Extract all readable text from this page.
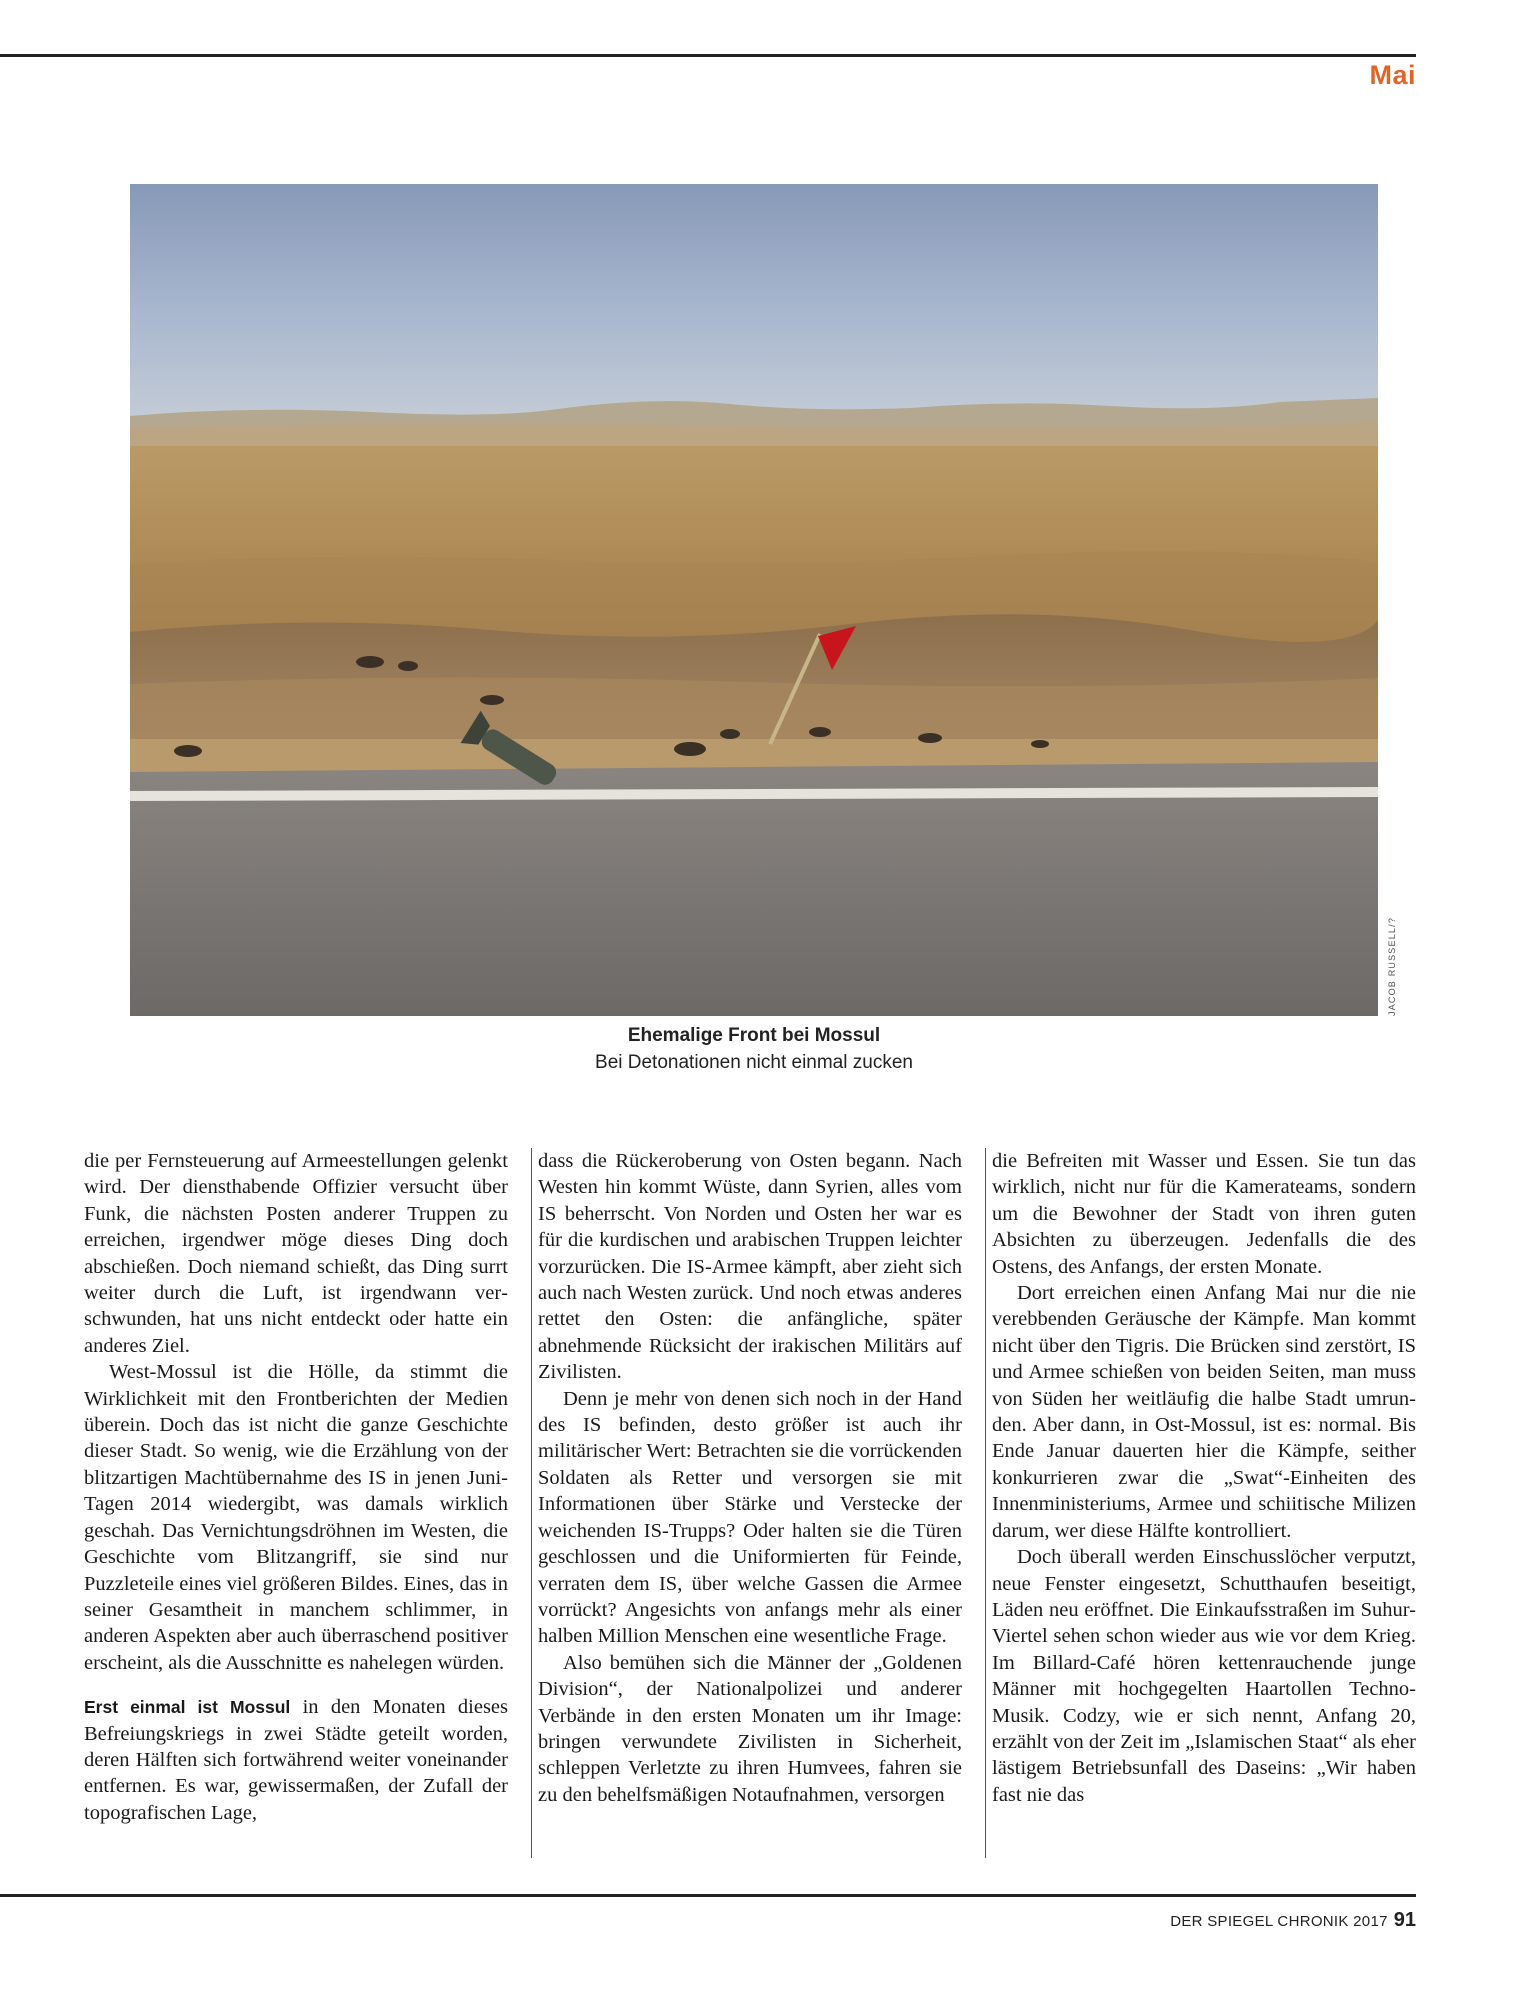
Mai
JACOB RUSSELL/?
Ehemalige Front bei Mossul
Bei Detonationen nicht einmal zucken

die per Fernsteuerung auf Armeestellungen gelenkt wird. Der diensthabende Offizier versucht über Funk, die nächsten Posten anderer Truppen zu erreichen, irgendwer möge dieses Ding doch abschießen. Doch niemand schießt, das Ding surrt weiter durch die Luft, ist irgendwann verschwunden, hat uns nicht entdeckt oder hatte ein anderes Ziel.

West-Mossul ist die Hölle, da stimmt die Wirklichkeit mit den Frontberichten der Medien überein. Doch das ist nicht die ganze Geschichte dieser Stadt. So wenig, wie die Erzählung von der blitzartigen Machtübernahme des IS in jenen Juni-Tagen 2014 wiedergibt, was damals wirklich geschah. Das Vernichtungsdröhnen im Westen, die Geschichte vom Blitzangriff, sie sind nur Puzzleteile eines viel größeren Bildes. Eines, das in seiner Gesamtheit in manchem schlimmer, in anderen Aspekten aber auch überraschend positiver erscheint, als die Ausschnitte es nahelegen würden.

Erst einmal ist Mossul in den Monaten dieses Befreiungskriegs in zwei Städte geteilt worden, deren Hälften sich fortwährend weiter voneinander entfernen. Es war, gewissermaßen, der Zufall der topografischen Lage,

dass die Rückeroberung von Osten begann. Nach Westen hin kommt Wüste, dann Syrien, alles vom IS beherrscht. Von Norden und Osten her war es für die kurdischen und arabischen Truppen leichter vorzurücken. Die IS-Armee kämpft, aber zieht sich auch nach Westen zurück. Und noch etwas anderes rettet den Osten: die anfängliche, später abnehmende Rücksicht der irakischen Militärs auf Zivilisten.

Denn je mehr von denen sich noch in der Hand des IS befinden, desto größer ist auch ihr militärischer Wert: Betrachten sie die vorrückenden Soldaten als Retter und versorgen sie mit Informationen über Stärke und Verstecke der weichenden IS-Trupps? Oder halten sie die Türen geschlossen und die Uniformierten für Feinde, verraten dem IS, über welche Gassen die Armee vorrückt? Angesichts von anfangs mehr als einer halben Million Menschen eine wesentliche Frage.

Also bemühen sich die Männer der „Goldenen Division“, der Nationalpolizei und anderer Verbände in den ersten Monaten um ihr Image: bringen verwundete Zivilisten in Sicherheit, schleppen Verletzte zu ihren Humvees, fahren sie zu den behelfsmäßigen Notaufnahmen, versorgen

die Befreiten mit Wasser und Essen. Sie tun das wirklich, nicht nur für die Kamerateams, sondern um die Bewohner der Stadt von ihren guten Absichten zu überzeugen. Jedenfalls die des Ostens, des Anfangs, der ersten Monate.

Dort erreichen einen Anfang Mai nur die nie verebbenden Geräusche der Kämpfe. Man kommt nicht über den Tigris. Die Brücken sind zerstört, IS und Armee schießen von beiden Seiten, man muss von Süden her weitläufig die halbe Stadt umrunden. Aber dann, in Ost-Mossul, ist es: normal. Bis Ende Januar dauerten hier die Kämpfe, seither konkurrieren zwar die „Swat“-Einheiten des Innenministeriums, Armee und schiitische Milizen darum, wer diese Hälfte kontrolliert.

Doch überall werden Einschusslöcher verputzt, neue Fenster eingesetzt, Schutthaufen beseitigt, Läden neu eröffnet. Die Einkaufsstraßen im Suhur-Viertel sehen schon wieder aus wie vor dem Krieg. Im Billard-Café hören kettenrauchende junge Männer mit hochgegelten Haartollen Techno-Musik. Codzy, wie er sich nennt, Anfang 20, erzählt von der Zeit im „Islamischen Staat“ als eher lästigem Betriebsunfall des Daseins: „Wir haben fast nie das

DER SPIEGEL CHRONIK 2017 91
